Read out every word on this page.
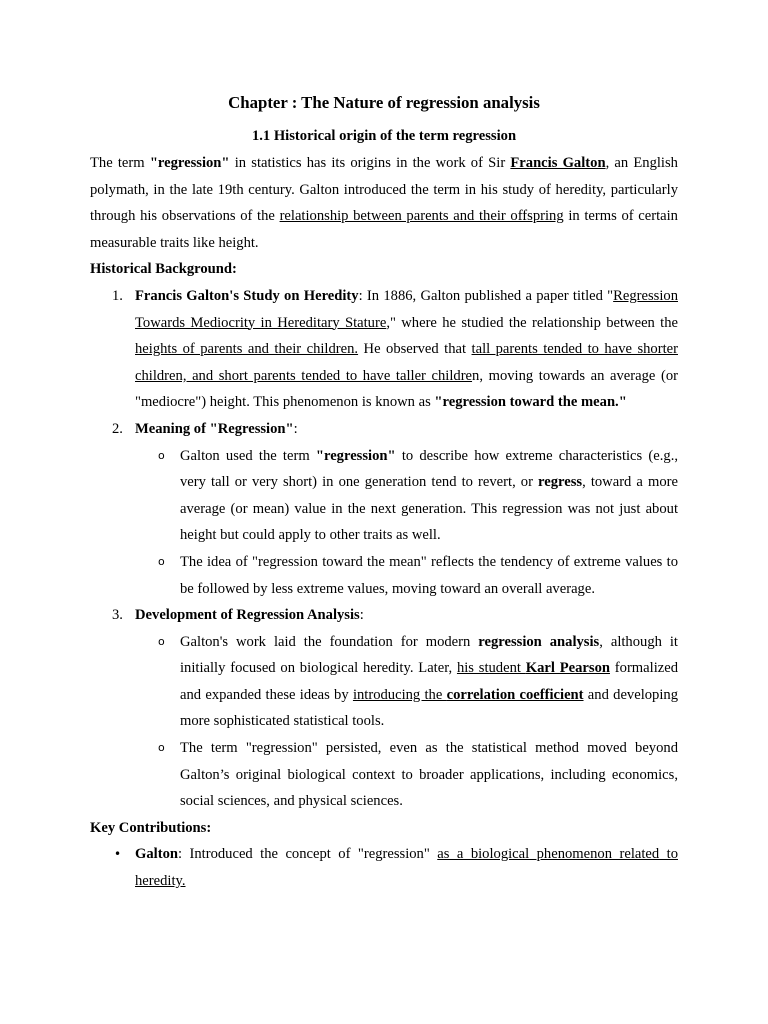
Chapter : The Nature of regression analysis
1.1 Historical origin of the term regression

The term "regression" in statistics has its origins in the work of Sir Francis Galton, an English polymath, in the late 19th century. Galton introduced the term in his study of heredity, particularly through his observations of the relationship between parents and their offspring in terms of certain measurable traits like height.

Historical Background:
1. Francis Galton's Study on Heredity: In 1886, Galton published a paper titled "Regression Towards Mediocrity in Hereditary Stature," where he studied the relationship between the heights of parents and their children. He observed that tall parents tended to have shorter children, and short parents tended to have taller children, moving towards an average (or "mediocre") height. This phenomenon is known as "regression toward the mean."

2. Meaning of "Regression":

o Galton used the term "regression" to describe how extreme characteristics (e.g., very tall or very short) in one generation tend to revert, or regress, toward a more average (or mean) value in the next generation. This regression was not just about height but could apply to other traits as well.

o The idea of "regression toward the mean" reflects the tendency of extreme values to be followed by less extreme values, moving toward an overall average.

3. Development of Regression Analysis:

o Galton's work laid the foundation for modern regression analysis, although it initially focused on biological heredity. Later, his student Karl Pearson formalized and expanded these ideas by introducing the correlation coefficient and developing more sophisticated statistical tools.

o The term "regression" persisted, even as the statistical method moved beyond Galton’s original biological context to broader applications, including economics, social sciences, and physical sciences.

Key Contributions:
• Galton: Introduced the concept of "regression" as a biological phenomenon related to heredity.
